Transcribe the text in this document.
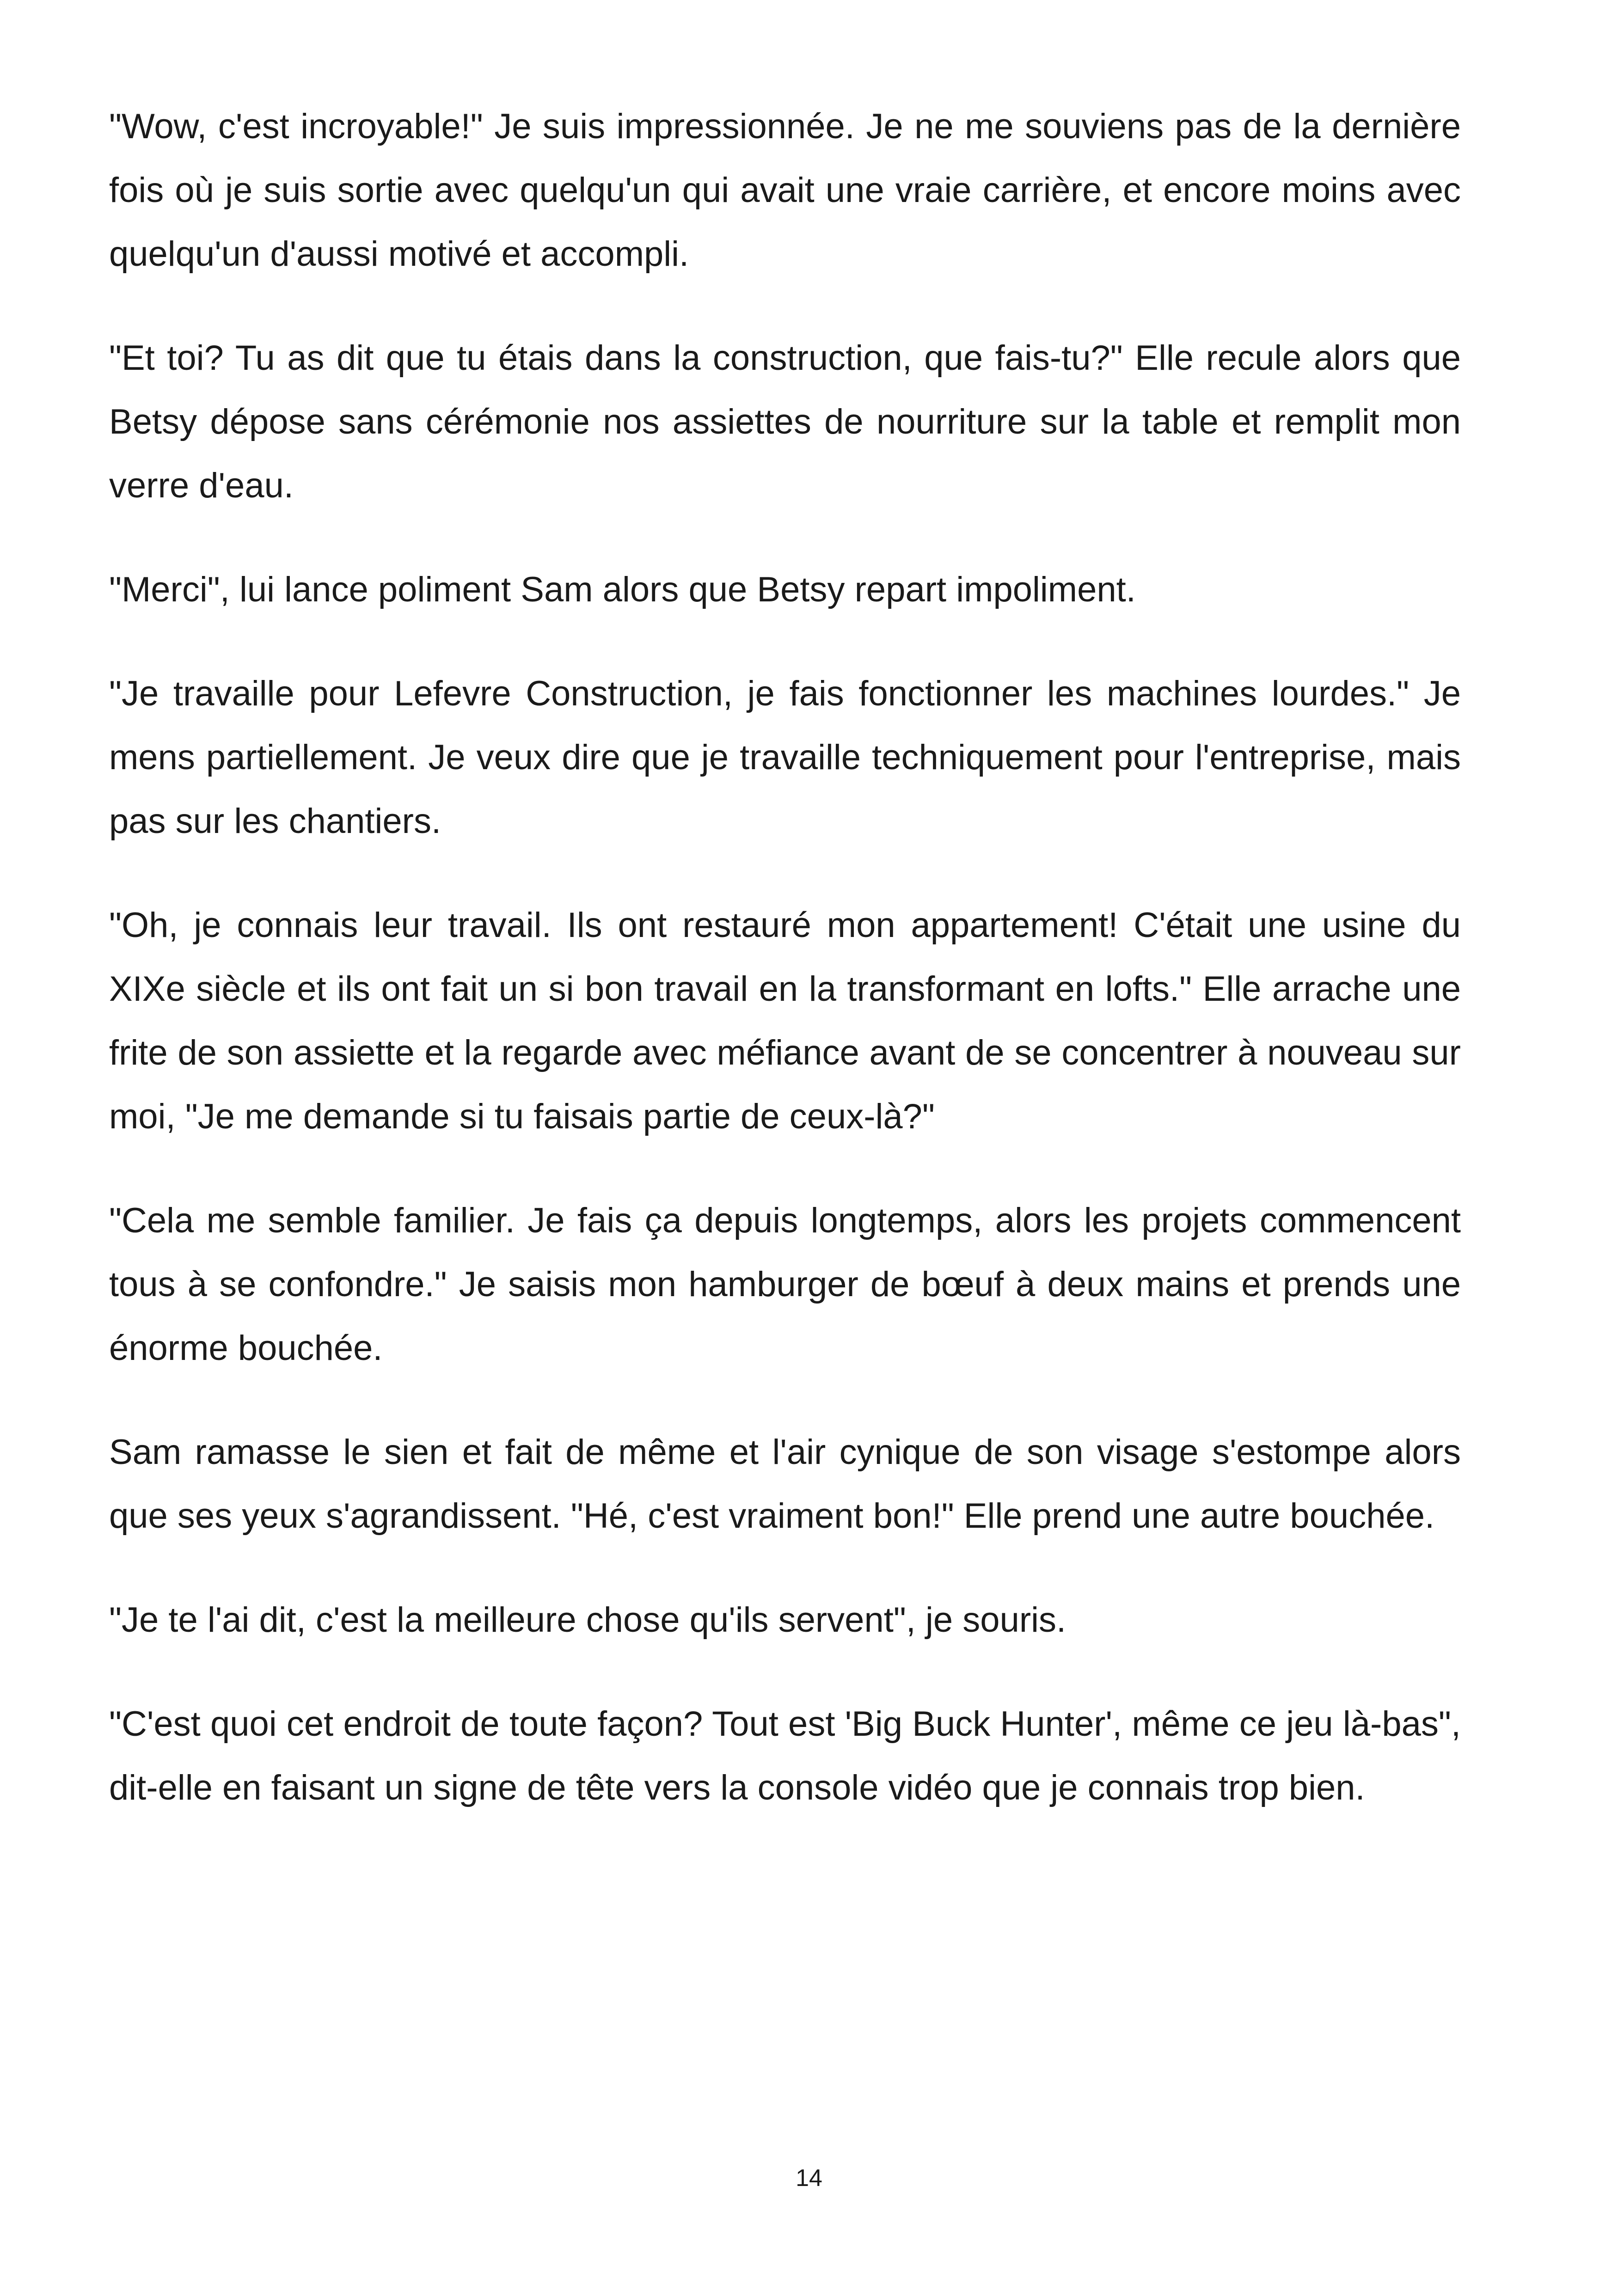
"Wow, c'est incroyable!" Je suis impressionnée. Je ne me souviens pas de la dernière fois où je suis sortie avec quelqu'un qui avait une vraie carrière, et encore moins avec quelqu'un d'aussi motivé et accompli.

"Et toi? Tu as dit que tu étais dans la construction, que fais-tu?" Elle recule alors que Betsy dépose sans cérémonie nos assiettes de nourriture sur la table et remplit mon verre d'eau.

"Merci", lui lance poliment Sam alors que Betsy repart impoliment.

"Je travaille pour Lefevre Construction, je fais fonctionner les machines lourdes." Je mens partiellement. Je veux dire que je travaille techniquement pour l'entreprise, mais pas sur les chantiers.

"Oh, je connais leur travail. Ils ont restauré mon appartement! C'était une usine du XIXe siècle et ils ont fait un si bon travail en la transformant en lofts." Elle arrache une frite de son assiette et la regarde avec méfiance avant de se concentrer à nouveau sur moi, "Je me demande si tu faisais partie de ceux-là?"

"Cela me semble familier. Je fais ça depuis longtemps, alors les projets commencent tous à se confondre." Je saisis mon hamburger de bœuf à deux mains et prends une énorme bouchée.

Sam ramasse le sien et fait de même et l'air cynique de son visage s'estompe alors que ses yeux s'agrandissent. "Hé, c'est vraiment bon!" Elle prend une autre bouchée.

"Je te l'ai dit, c'est la meilleure chose qu'ils servent", je souris.

"C'est quoi cet endroit de toute façon? Tout est 'Big Buck Hunter', même ce jeu là-bas", dit-elle en faisant un signe de tête vers la console vidéo que je connais trop bien.

14
